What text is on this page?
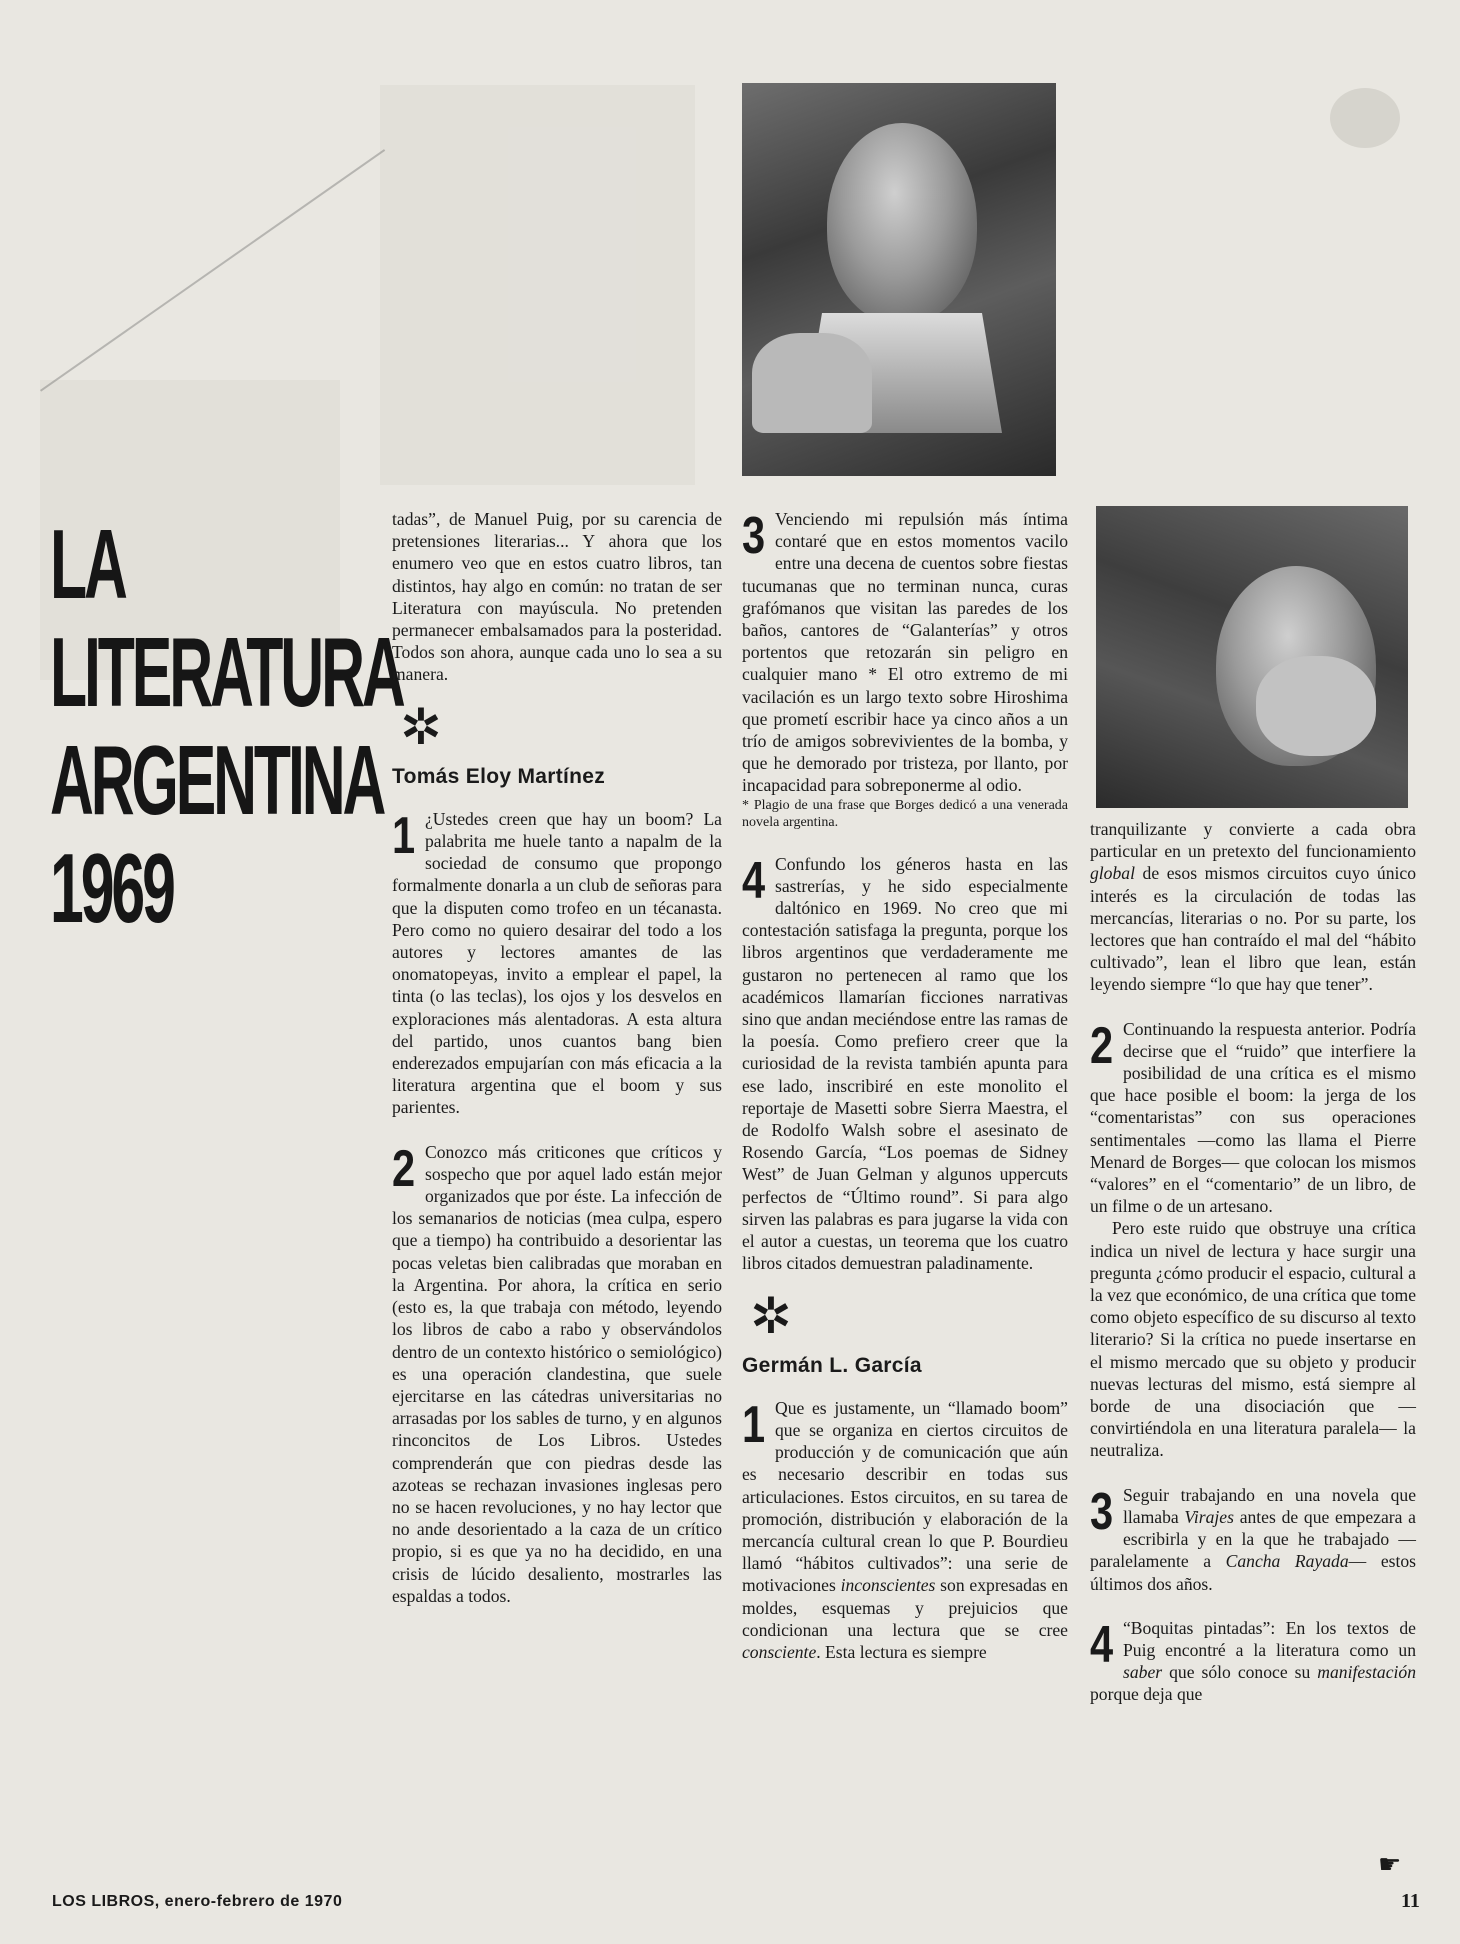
LA
LITERATURA
ARGENTINA
1969

tadas”, de Manuel Puig, por su carencia de pretensiones literarias... Y ahora que los enumero veo que en estos cuatro libros, tan distintos, hay algo en común: no tratan de ser Literatura con mayúscula. No pretenden permanecer embalsamados para la posteridad. Todos son ahora, aunque cada uno lo sea a su manera.

✲
Tomás Eloy Martínez

1 ¿Ustedes creen que hay un boom? La palabrita me huele tanto a napalm de la sociedad de consumo que propongo formalmente donarla a un club de señoras para que la disputen como trofeo en un técanasta. Pero como no quiero desairar del todo a los autores y lectores amantes de las onomatopeyas, invito a emplear el papel, la tinta (o las teclas), los ojos y los desvelos en exploraciones más alentadoras. A esta altura del partido, unos cuantos bang bien enderezados empujarían con más eficacia a la literatura argentina que el boom y sus parientes.

2 Conozco más criticones que críticos y sospecho que por aquel lado están mejor organizados que por éste. La infección de los semanarios de noticias (mea culpa, espero que a tiempo) ha contribuido a desorientar las pocas veletas bien calibradas que moraban en la Argentina. Por ahora, la crítica en serio (esto es, la que trabaja con método, leyendo los libros de cabo a rabo y observándolos dentro de un contexto histórico o semiológico) es una operación clandestina, que suele ejercitarse en las cátedras universitarias no arrasadas por los sables de turno, y en algunos rinconcitos de Los Libros. Ustedes comprenderán que con piedras desde las azoteas se rechazan invasiones inglesas pero no se hacen revoluciones, y no hay lector que no ande desorientado a la caza de un crítico propio, si es que ya no ha decidido, en una crisis de lúcido desaliento, mostrarles las espaldas a todos.

3 Venciendo mi repulsión más íntima contaré que en estos momentos vacilo entre una decena de cuentos sobre fiestas tucumanas que no terminan nunca, curas grafómanos que visitan las paredes de los baños, cantores de “Galanterías” y otros portentos que retozarán sin peligro en cualquier mano * El otro extremo de mi vacilación es un largo texto sobre Hiroshima que prometí escribir hace ya cinco años a un trío de amigos sobrevivientes de la bomba, y que he demorado por tristeza, por llanto, por incapacidad para sobreponerme al odio.

* Plagio de una frase que Borges dedicó a una venerada novela argentina.

4 Confundo los géneros hasta en las sastrerías, y he sido especialmente daltónico en 1969. No creo que mi contestación satisfaga la pregunta, porque los libros argentinos que verdaderamente me gustaron no pertenecen al ramo que los académicos llamarían ficciones narrativas sino que andan meciéndose entre las ramas de la poesía. Como prefiero creer que la curiosidad de la revista también apunta para ese lado, inscribiré en este monolito el reportaje de Masetti sobre Sierra Maestra, el de Rodolfo Walsh sobre el asesinato de Rosendo García, “Los poemas de Sidney West” de Juan Gelman y algunos uppercuts perfectos de “Último round”. Si para algo sirven las palabras es para jugarse la vida con el autor a cuestas, un teorema que los cuatro libros citados demuestran paladinamente.

✲
Germán L. García

1 Que es justamente, un “llamado boom” que se organiza en ciertos circuitos de producción y de comunicación que aún es necesario describir en todas sus articulaciones. Estos circuitos, en su tarea de promoción, distribución y elaboración de la mercancía cultural crean lo que P. Bourdieu llamó “hábitos cultivados”: una serie de motivaciones inconscientes son expresadas en moldes, esquemas y prejuicios que condicionan una lectura que se cree consciente. Esta lectura es siempre

tranquilizante y convierte a cada obra particular en un pretexto del funcionamiento global de esos mismos circuitos cuyo único interés es la circulación de todas las mercancías, literarias o no. Por su parte, los lectores que han contraído el mal del “hábito cultivado”, lean el libro que lean, están leyendo siempre “lo que hay que tener”.

2 Continuando la respuesta anterior. Podría decirse que el “ruido” que interfiere la posibilidad de una crítica es el mismo que hace posible el boom: la jerga de los “comentaristas” con sus operaciones sentimentales —como las llama el Pierre Menard de Borges— que colocan los mismos “valores” en el “comentario” de un libro, de un filme o de un artesano.

Pero este ruido que obstruye una crítica indica un nivel de lectura y hace surgir una pregunta ¿cómo producir el espacio, cultural a la vez que económico, de una crítica que tome como objeto específico de su discurso al texto literario? Si la crítica no puede insertarse en el mismo mercado que su objeto y producir nuevas lecturas del mismo, está siempre al borde de una disociación que —convirtiéndola en una literatura paralela— la neutraliza.

3 Seguir trabajando en una novela que llamaba Virajes antes de que empezara a escribirla y en la que he trabajado —paralelamente a Cancha Rayada— estos últimos dos años.

4 “Boquitas pintadas”: En los textos de Puig encontré a la literatura como un saber que sólo conoce su manifestación porque deja que

☛
LOS LIBROS, enero-febrero de 1970	11
